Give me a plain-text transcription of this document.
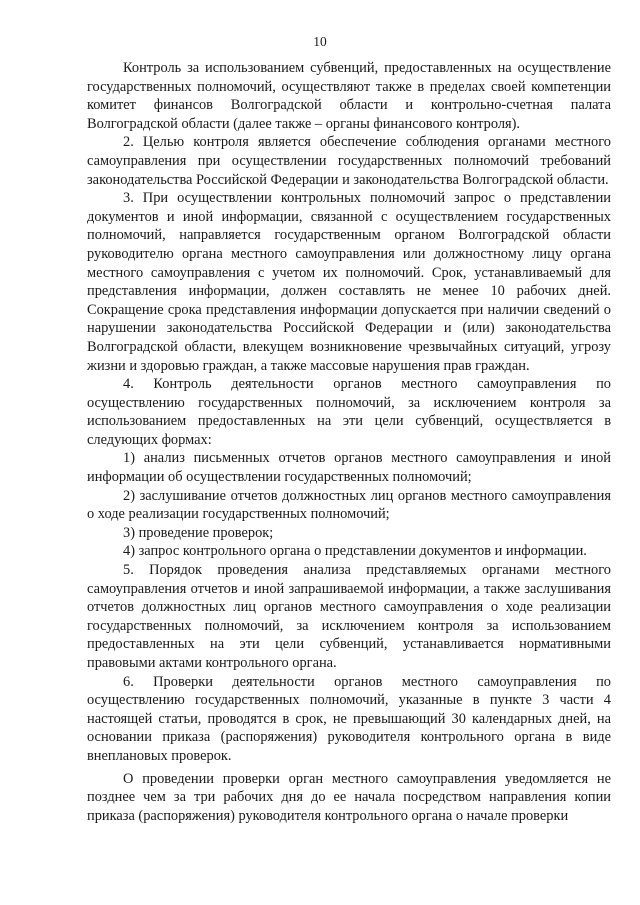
10

Контроль за использованием субвенций, предоставленных на осуществление государственных полномочий, осуществляют также в пределах своей компетенции комитет финансов Волгоградской области и контрольно-счетная палата Волгоградской области (далее также – органы финансового контроля).

2. Целью контроля является обеспечение соблюдения органами местного самоуправления при осуществлении государственных полномочий требований законодательства Российской Федерации и законодательства Волгоградской области.

3. При осуществлении контрольных полномочий запрос о представлении документов и иной информации, связанной с осуществлением государственных полномочий, направляется государственным органом Волгоградской области руководителю органа местного самоуправления или должностному лицу органа местного самоуправления с учетом их полномочий. Срок, устанавливаемый для представления информации, должен составлять не менее 10 рабочих дней. Сокращение срока представления информации допускается при наличии сведений о нарушении законодательства Российской Федерации и (или) законодательства Волгоградской области, влекущем возникновение чрезвычайных ситуаций, угрозу жизни и здоровью граждан, а также массовые нарушения прав граждан.

4. Контроль деятельности органов местного самоуправления по осуществлению государственных полномочий, за исключением контроля за использованием предоставленных на эти цели субвенций, осуществляется в следующих формах:

1) анализ письменных отчетов органов местного самоуправления и иной информации об осуществлении государственных полномочий;

2) заслушивание отчетов должностных лиц органов местного самоуправления о ходе реализации государственных полномочий;

3) проведение проверок;

4) запрос контрольного органа о представлении документов и информации.

5. Порядок проведения анализа представляемых органами местного самоуправления отчетов и иной запрашиваемой информации, а также заслушивания отчетов должностных лиц органов местного самоуправления о ходе реализации государственных полномочий, за исключением контроля за использованием предоставленных на эти цели субвенций, устанавливается нормативными правовыми актами контрольного органа.

6. Проверки деятельности органов местного самоуправления по осуществлению государственных полномочий, указанные в пункте 3 части 4 настоящей статьи, проводятся в срок, не превышающий 30 календарных дней, на основании приказа (распоряжения) руководителя контрольного органа в виде внеплановых проверок.

О проведении проверки орган местного самоуправления уведомляется не позднее чем за три рабочих дня до ее начала посредством направления копии приказа (распоряжения) руководителя контрольного органа о начале проверки
